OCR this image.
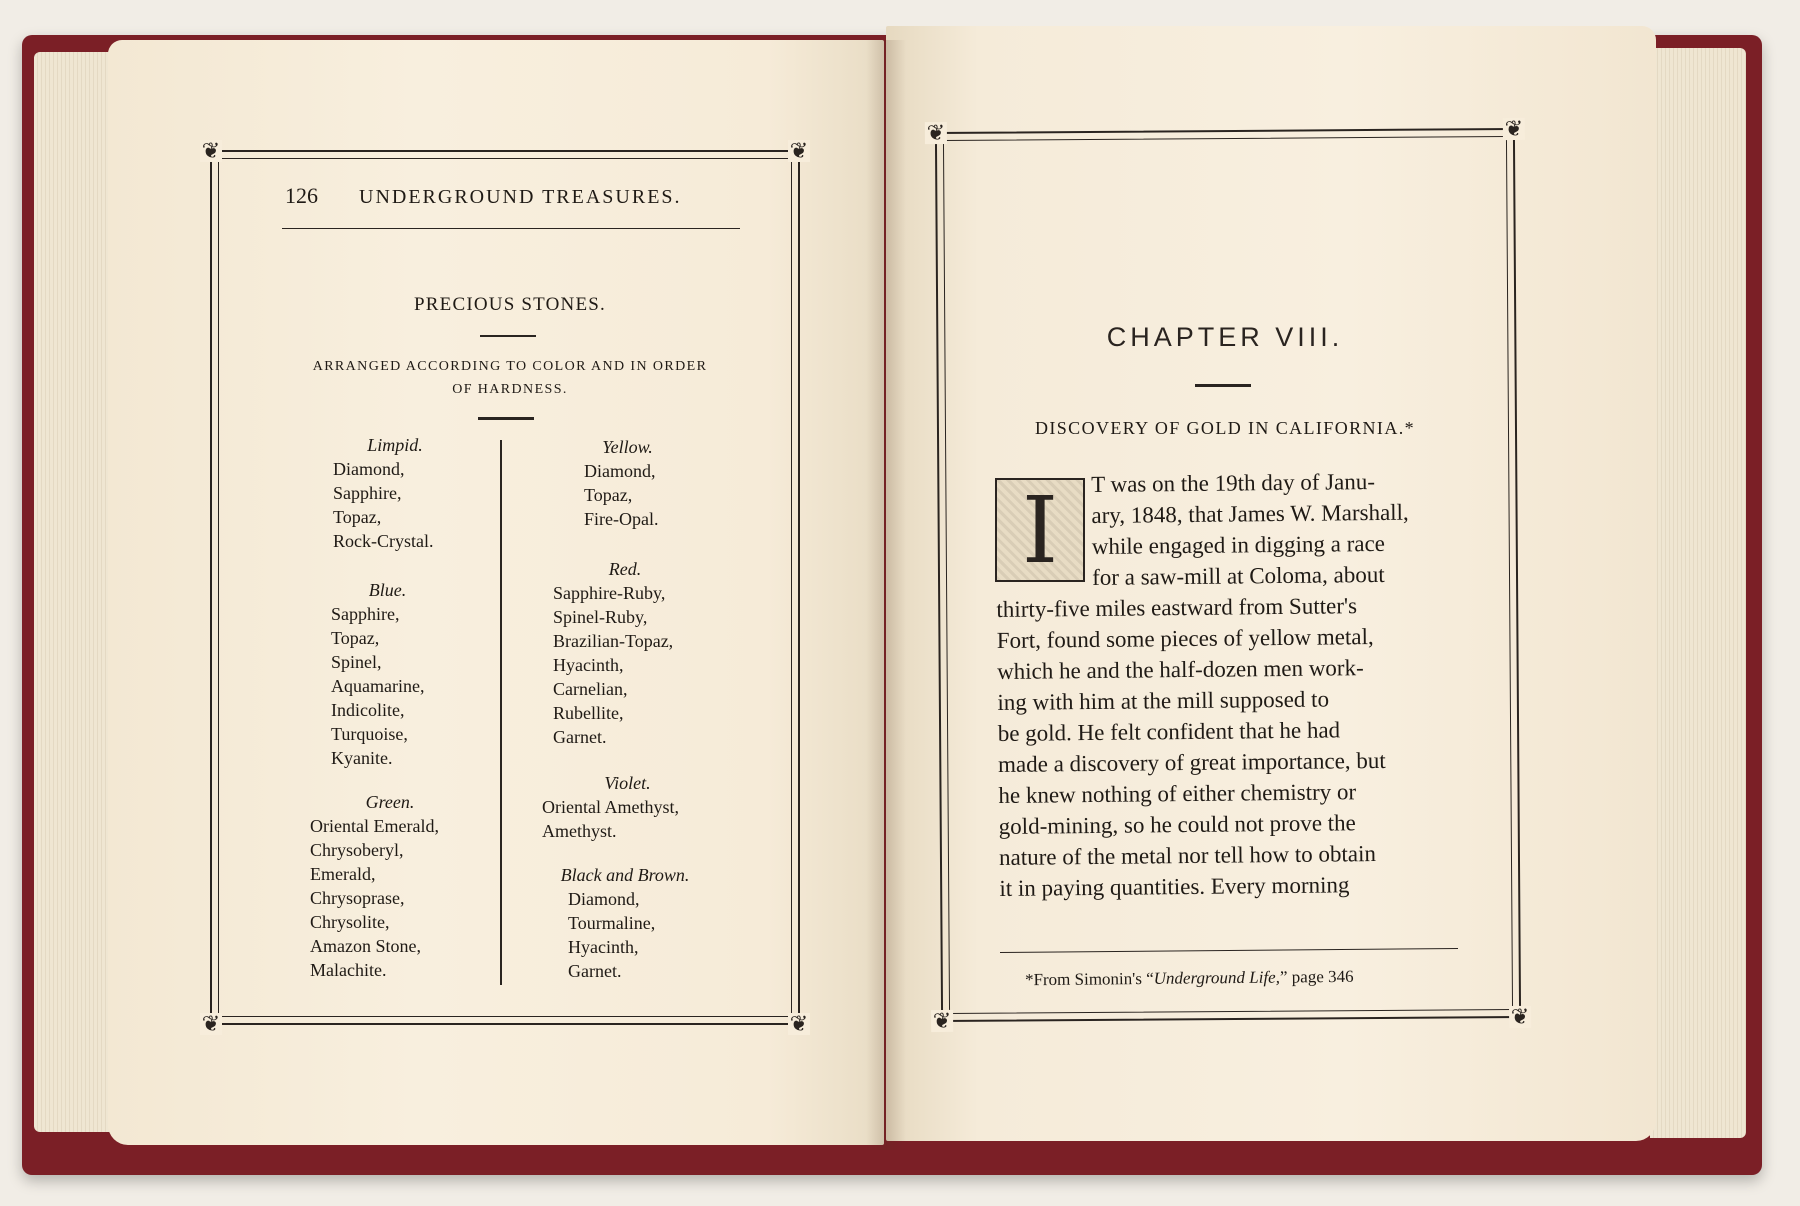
❦	❦
❦	❦
126 UNDERGROUND TREASURES.
PRECIOUS STONES.
ARRANGED ACCORDING TO COLOR AND IN ORDER
OF HARDNESS.
Limpid.
Diamond,
Sapphire,
Topaz,
Rock-Crystal.
Blue.
Sapphire,
Topaz,
Spinel,
Aquamarine,
Indicolite,
Turquoise,
Kyanite.
Green.
Oriental Emerald,
Chrysoberyl,
Emerald,
Chrysoprase,
Chrysolite,
Amazon Stone,
Malachite.
Yellow.
Diamond,
Topaz,
Fire-Opal.
Red.
Sapphire-Ruby,
Spinel-Ruby,
Brazilian-Topaz,
Hyacinth,
Carnelian,
Rubellite,
Garnet.
Violet.
Oriental Amethyst,
Amethyst.
Black and Brown.
Diamond,
Tourmaline,
Hyacinth,
Garnet.
❦	❦
❦	❦
CHAPTER VIII.
DISCOVERY OF GOLD IN CALIFORNIA.*
T was on the 19th day of Janu-
ary, 1848, that James W. Marshall,
while engaged in digging a race
for a saw-mill at Coloma, about
thirty-five miles eastward from Sutter's
Fort, found some pieces of yellow metal,
which he and the half-dozen men work-
ing with him at the mill supposed to
be gold. He felt confident that he had
made a discovery of great importance, but
he knew nothing of either chemistry or
gold-mining, so he could not prove the
nature of the metal nor tell how to obtain
it in paying quantities. Every morning
I
*From Simonin's “Underground Life,” page 346
